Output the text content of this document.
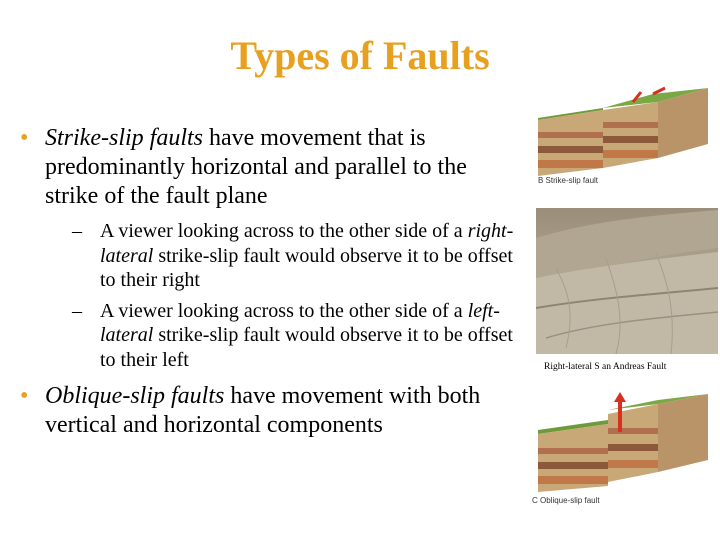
Types of Faults
• Strike-slip faults have movement that is predominantly horizontal and parallel to the strike of the fault plane
– A viewer looking across to the other side of a right-lateral strike-slip fault would observe it to be offset to their right
– A viewer looking across to the other side of a left-lateral strike-slip fault would observe it to be offset to their left
• Oblique-slip faults have movement with both vertical and horizontal components
B Strike-slip fault
Right-lateral S an Andreas Fault
C Oblique-slip fault
